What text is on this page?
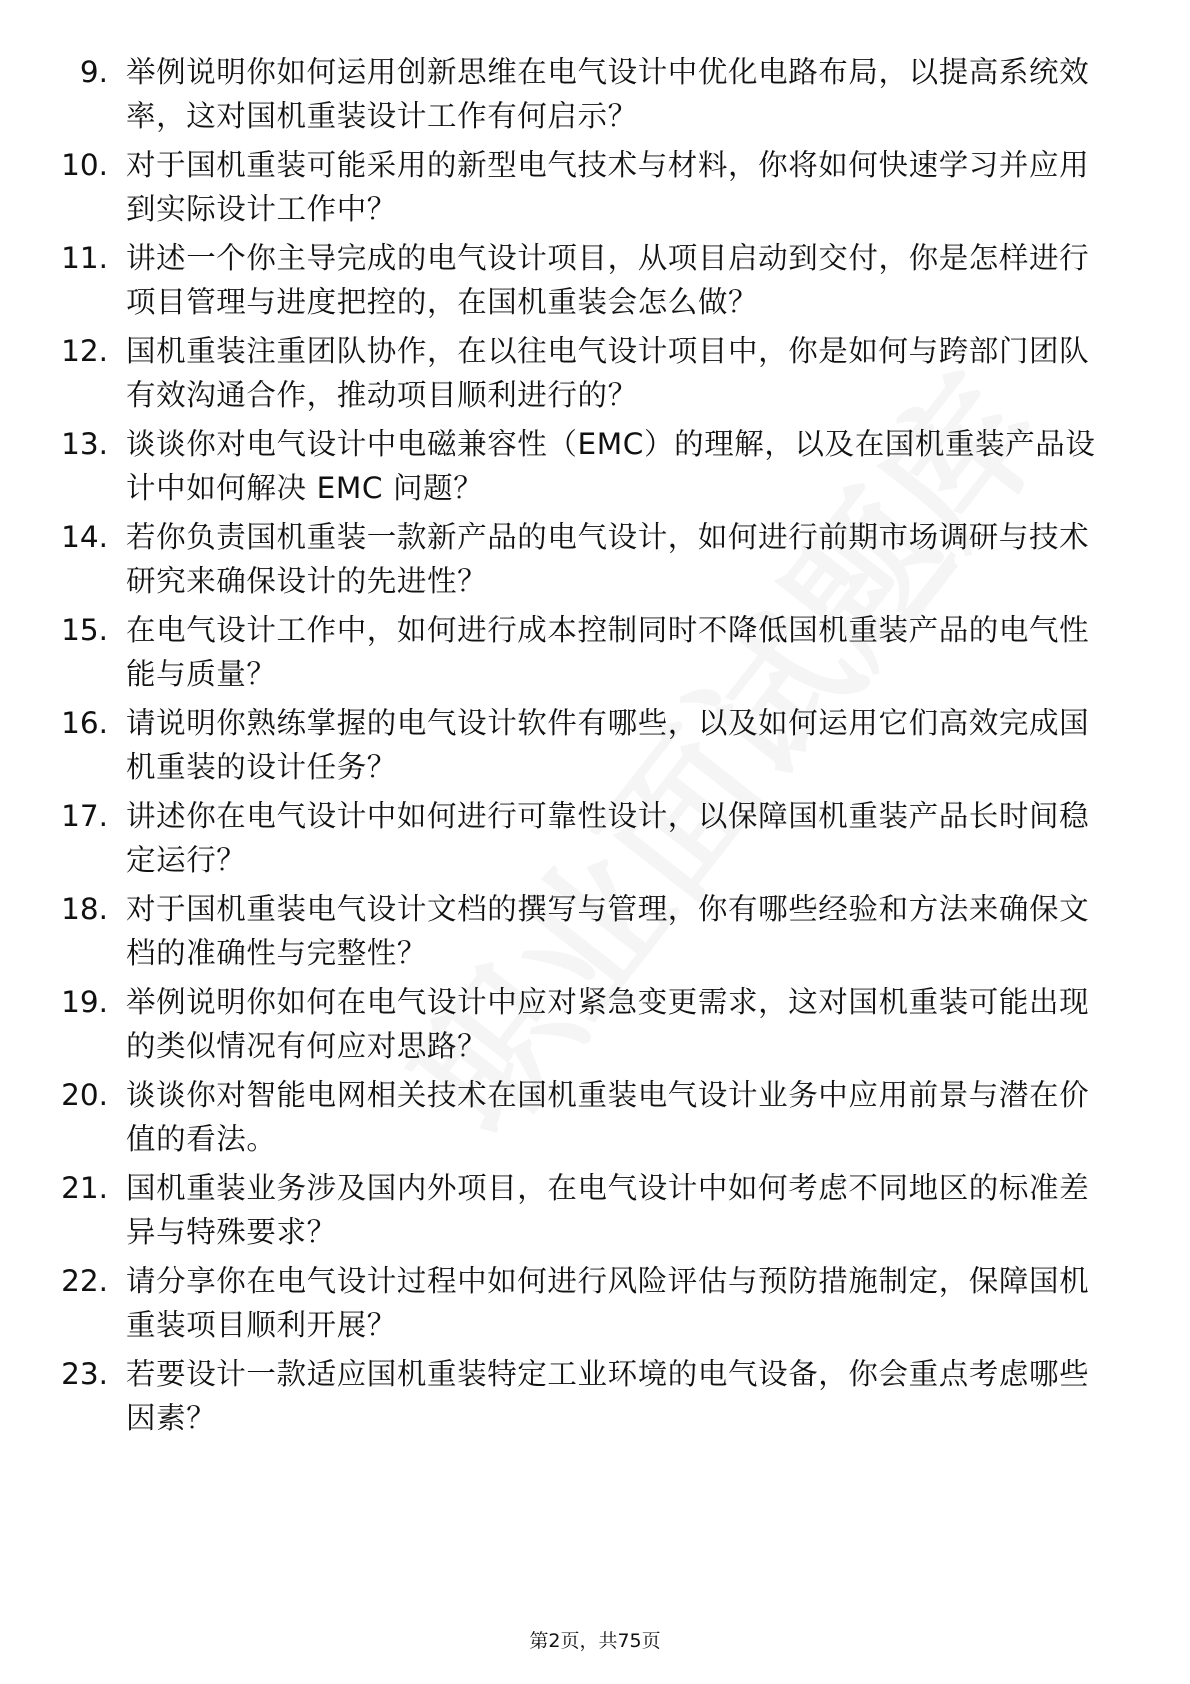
9. 举例说明你如何运用创新思维在电气设计中优化电路布局，以提高系统效率，这对国机重装设计工作有何启示？
10. 对于国机重装可能采用的新型电气技术与材料，你将如何快速学习并应用到实际设计工作中？
11. 讲述一个你主导完成的电气设计项目，从项目启动到交付，你是怎样进行项目管理与进度把控的，在国机重装会怎么做？
12. 国机重装注重团队协作，在以往电气设计项目中，你是如何与跨部门团队有效沟通合作，推动项目顺利进行的？
13. 谈谈你对电气设计中电磁兼容性（EMC）的理解，以及在国机重装产品设计中如何解决 EMC 问题？
14. 若你负责国机重装一款新产品的电气设计，如何进行前期市场调研与技术研究来确保设计的先进性？
15. 在电气设计工作中，如何进行成本控制同时不降低国机重装产品的电气性能与质量？
16. 请说明你熟练掌握的电气设计软件有哪些，以及如何运用它们高效完成国机重装的设计任务？
17. 讲述你在电气设计中如何进行可靠性设计，以保障国机重装产品长时间稳定运行？
18. 对于国机重装电气设计文档的撰写与管理，你有哪些经验和方法来确保文档的准确性与完整性？
19. 举例说明你如何在电气设计中应对紧急变更需求，这对国机重装可能出现的类似情况有何应对思路？
20. 谈谈你对智能电网相关技术在国机重装电气设计业务中应用前景与潜在价值的看法。
21. 国机重装业务涉及国内外项目，在电气设计中如何考虑不同地区的标准差异与特殊要求？
22. 请分享你在电气设计过程中如何进行风险评估与预防措施制定，保障国机重装项目顺利开展？
23. 若要设计一款适应国机重装特定工业环境的电气设备，你会重点考虑哪些因素？
第2页，共75页
